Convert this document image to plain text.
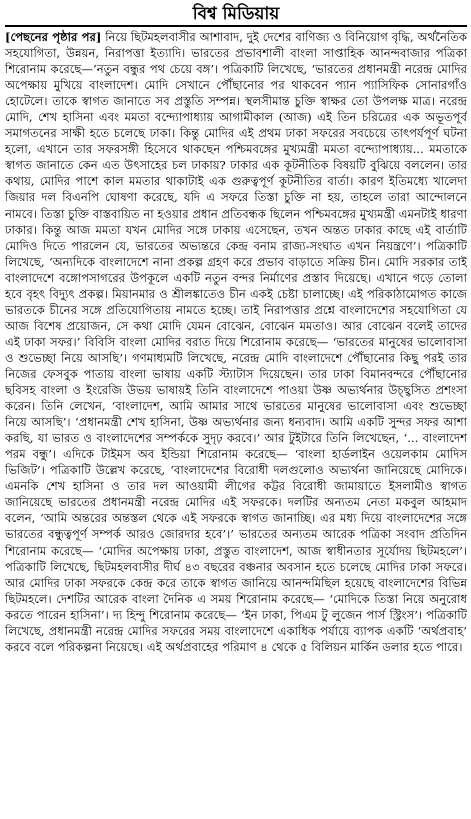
বিশ্ব মিডিয়ায়

[পেছনের পৃষ্ঠার পর] নিয়ে ছিটমহলবাসীর আশাবাদ, দুই দেশের বাণিজ্য ও বিনিয়োগ বৃদ্ধি, অর্থনৈতিক সহযোগিতা, উন্নয়ন, নিরাপত্তা ইত্যাদি। ভারতের প্রভাবশালী বাংলা সাপ্তাহিক আনন্দবাজার পত্রিকা শিরোনাম করেছে—‘নতুন বন্ধুর পথ চেয়ে বঙ্গ’। পত্রিকাটি লিখেছে, ‘ভারতের প্রধানমন্ত্রী নরেন্দ্র মোদির অপেক্ষায় মুখিয়ে বাংলাদেশ। মোদি সেখানে পৌঁছানোর পর থাকবেন প্যান প্যাসিফিক সোনারগাঁও হোটেলে। তাকে স্বাগত জানাতে সব প্রস্তুতি সম্পন্ন। স্থলসীমান্ত চুক্তি স্বাক্ষর তো উপলক্ষ মাত্র। নরেন্দ্র মোদি, শেখ হাসিনা এবং মমতা বন্দ্যোপাধ্যায় আগামীকাল (আজ) এই তিন চরিত্রের এক অভূতপূর্ব সমাগতনের সাক্ষী হতে চলেছে ঢাকা। কিন্তু মোদির এই প্রথম ঢাকা সফরের সবচেয়ে তাৎপর্যপূর্ণ ঘটনা হলো, এখানে তার সফরসঙ্গী হিসেবে থাকছেন পশ্চিমবঙ্গের মুখ্যমন্ত্রী মমতা বন্দ্যোপাধ্যায়... মমতাকে স্বাগত জানাতে কেন এত উৎসাহের চল ঢাকায়? ঢাকার এক কূটনীতিক বিষয়টি বুঝিয়ে বললেন। তার কথায়, মোদির পাশে কাল মমতার থাকাটাই এক গুরুত্বপূর্ণ কূটনীতির বার্তা। কারণ ইতিমধ্যে খালেদা জিয়ার দল বিএনপি ঘোষণা করেছে, যদি এ সফরে তিস্তা চুক্তি না হয়, তাহলে তারা আন্দোলনে নামবে। তিস্তা চুক্তি বাস্তবায়িত না হওয়ার প্রধান প্রতিবন্ধক ছিলেন পশ্চিমবঙ্গের মুখ্যমন্ত্রী এমনটাই ধারণা ঢাকার। কিন্তু আজ মমতা যখন মোদির সঙ্গে ঢাকায় এসেছেন, তখন অন্তত ঢাকার কাছে এই বার্তাটি মোদিও দিতে পারলেন যে, ভারতের অভ্যন্তরে কেন্দ্র বনাম রাজ্য-সংঘাত এখন নিয়ন্ত্রণে’। পত্রিকাটি লিখেছে, ‘অন্যদিকে বাংলাদেশে নানা প্রকল্প গ্রহণ করে প্রভাব বাড়াতে সক্রিয় চীন। মোদি সরকার তাই বাংলাদেশে বঙ্গোপসাগরের উপকূলে একটি নতুন বন্দর নির্মাণের প্রস্তাব দিয়েছে। এখানে গড়ে তোলা হবে বৃহৎ বিদ্যুৎ প্রকল্প। মিয়ানমার ও শ্রীলঙ্কাতেও চীন একই চেষ্টা চালাচ্ছে। এই পরিকাঠামোগত কাজে ভারতকে চীনের সঙ্গে প্রতিযোগিতায় নামতে হচ্ছে। তাই নিরাপত্তার প্রশ্নে বাংলাদেশের সহযোগিতা যে আজ বিশেষ প্রয়োজন, সে কথা মোদি যেমন বোঝেন, বোঝেন মমতাও। আর বোঝেন বলেই তাদের এই ঢাকা সফর।’ বিবিসি বাংলা মোদির বরাত দিয়ে শিরোনাম করেছে— ‘ভারতের মানুষের ভালোবাসা ও শুভেচ্ছা নিয়ে আসছি’। গণমাধ্যমটি লিখেছে, নরেন্দ্র মোদি বাংলাদেশে পৌঁছানোর কিছু পরই তার নিজের ফেসবুক পাতায় বাংলা ভাষায় একটি স্ট্যাটাস দিয়েছেন। তার ঢাকা বিমানবন্দরে পৌঁছানোর ছবিসহ বাংলা ও ইংরেজি উভয় ভাষায়ই তিনি বাংলাদেশে পাওয়া উষ্ণ অভ্যর্থনার উচ্ছ্বসিত প্রশংসা করেন। তিনি লেখেন, ‘বাংলাদেশ, আমি আমার সাথে ভারতের মানুষের ভালোবাসা এবং শুভেচ্ছা নিয়ে আসছি’। ‘প্রধানমন্ত্রী শেখ হাসিনা, উষ্ণ অভ্যর্থনার জন্য ধন্যবাদ। আমি একটি সুন্দর সফর আশা করছি, যা ভারত ও বাংলাদেশের সম্পর্ককে সুদৃঢ় করবে।’ আর টুইটারে তিনি লিখেছেন, ‘... বাংলাদেশ পরম বন্ধু’। এদিকে টাইমস অব ইন্ডিয়া শিরোনাম করেছে— ‘বাংলা হার্ডলাইন ওয়েলকাম মোদিস ভিজিট’। পত্রিকাটি উল্লেখ করেছে, ‘বাংলাদেশের বিরোধী দলগুলোও অভ্যর্থনা জানিয়েছে মোদিকে। এমনকি শেখ হাসিনা ও তার দল আওয়ামী লীগের কট্টর বিরোধী জামায়াতে ইসলামীও স্বাগত জানিয়েছে ভারতের প্রধানমন্ত্রী নরেন্দ্র মোদির এই সফরকে। দলটির অন্যতম নেতা মকবুল আহমাদ বলেন, ‘আমি অন্তরের অন্তস্তল থেকে এই সফরকে স্বাগত জানাচ্ছি। এর মধ্য দিয়ে বাংলাদেশের সঙ্গে ভারতের বন্ধুত্বপূর্ণ সম্পর্ক আরও জোরদার হবে’।’ ভারতের অন্যতম আরেক পত্রিকা সংবাদ প্রতিদিন শিরোনাম করেছে— ‘মোদির অপেক্ষায় ঢাকা, প্রস্তুত বাংলাদেশ, আজ স্বাধীনতার সূর্যোদয় ছিটমহলে’। পত্রিকাটি লিখেছে, ছিটমহলবাসীর দীর্ঘ ৪৩ বছরের বঞ্চনার অবসান হতে চলেছে মোদির ঢাকা সফরে। আর মোদির ঢাকা সফরকে কেন্দ্র করে তাকে স্বাগত জানিয়ে আনন্দমিছিল হয়েছে বাংলাদেশের বিভিন্ন ছিটমহলে। দেশটির আরেক বাংলা দৈনিক এ সময় শিরোনাম করেছে— ‘মোদিকে তিস্তা নিয়ে অনুরোধ করতে পারেন হাসিনা’। দ্য হিন্দু শিরোনাম করেছে— ‘ইন ঢাকা, পিএম টু লুজেন পার্স স্ট্রিংস’। পত্রিকাটি লিখেছে, প্রধানমন্ত্রী নরেন্দ্র মোদির সফরের সময় বাংলাদেশে একাধিক পর্যায়ে ব্যাপক একটি ‘অর্থপ্রবাহ’ করবে বলে পরিকল্পনা নিয়েছে। এই অর্থপ্রবাহের পরিমাণ ৪ থেকে ৫ বিলিয়ন মার্কিন ডলার হতে পারে।
